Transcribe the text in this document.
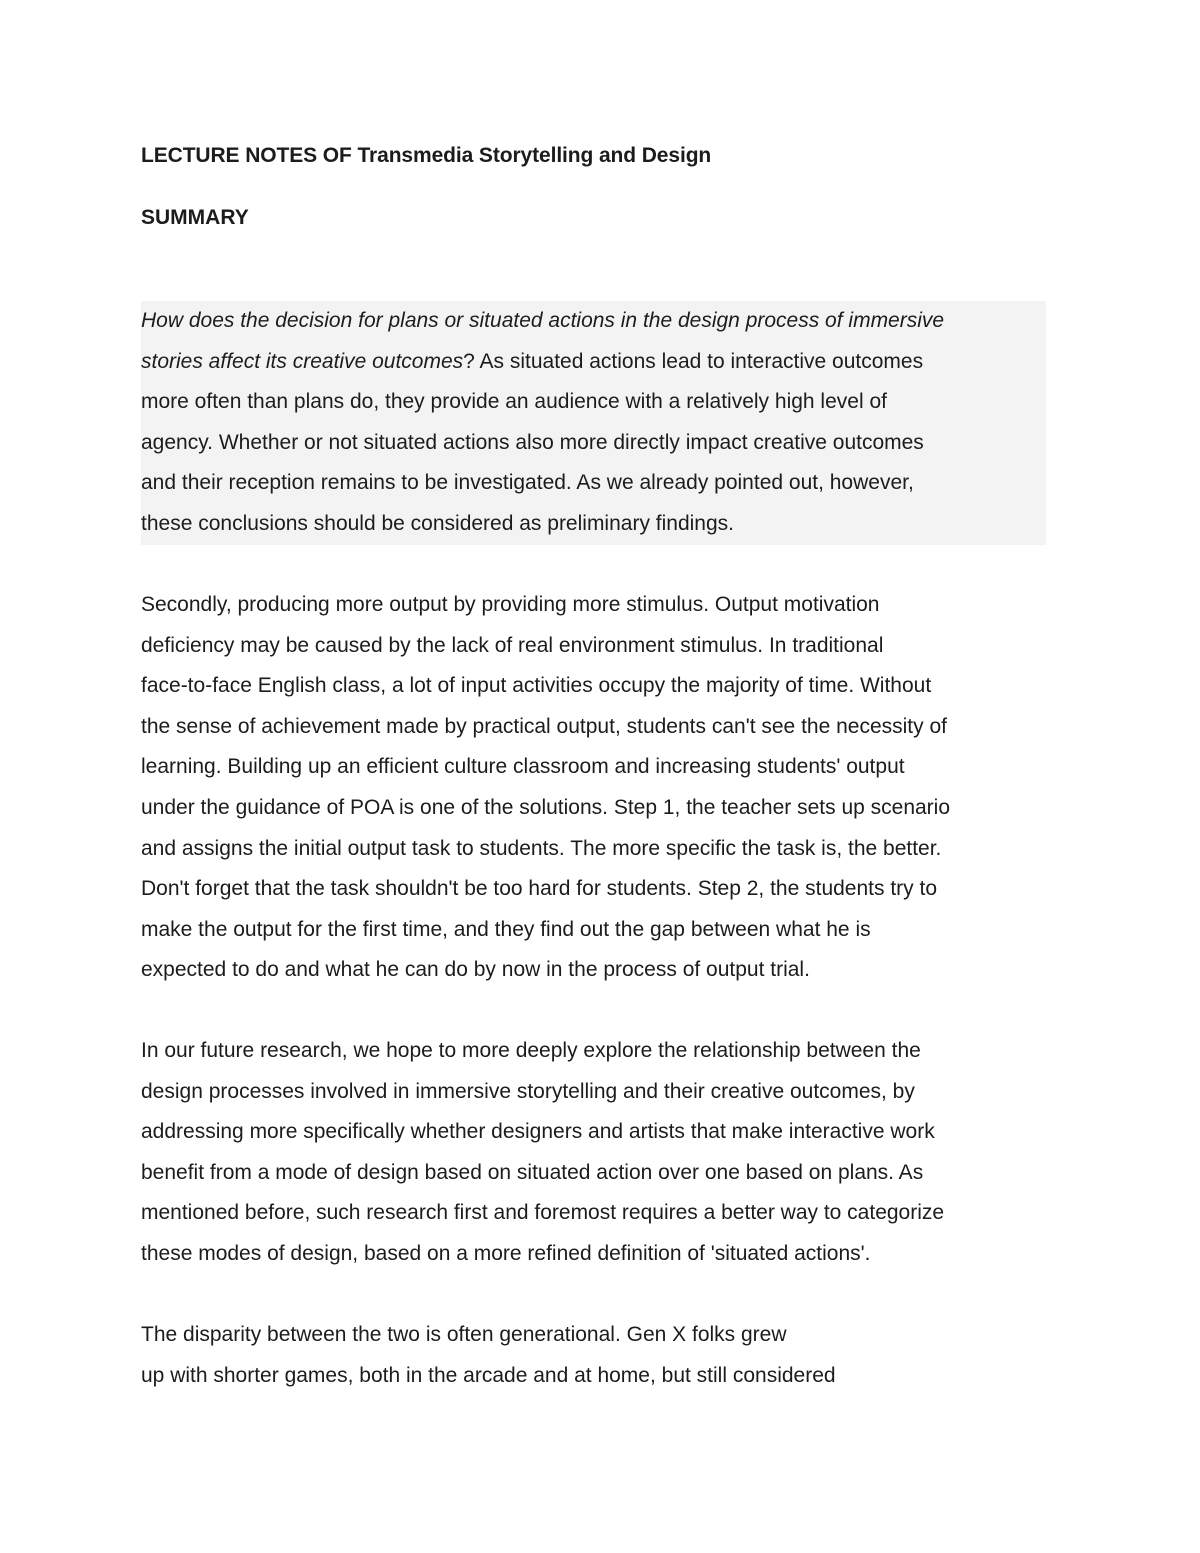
LECTURE NOTES OF Transmedia Storytelling and Design
SUMMARY
How does the decision for plans or situated actions in the design process of immersive
stories affect its creative outcomes? As situated actions lead to interactive outcomes
more often than plans do, they provide an audience with a relatively high level of
agency. Whether or not situated actions also more directly impact creative outcomes
and their reception remains to be investigated. As we already pointed out, however,
these conclusions should be considered as preliminary findings.
Secondly, producing more output by providing more stimulus. Output motivation
deficiency may be caused by the lack of real environment stimulus. In traditional
face-to-face English class, a lot of input activities occupy the majority of time. Without
the sense of achievement made by practical output, students can't see the necessity of
learning. Building up an efficient culture classroom and increasing students' output
under the guidance of POA is one of the solutions. Step 1, the teacher sets up scenario
and assigns the initial output task to students. The more specific the task is, the better.
Don't forget that the task shouldn't be too hard for students. Step 2, the students try to
make the output for the first time, and they find out the gap between what he is
expected to do and what he can do by now in the process of output trial.
In our future research, we hope to more deeply explore the relationship between the
design processes involved in immersive storytelling and their creative outcomes, by
addressing more specifically whether designers and artists that make interactive work
benefit from a mode of design based on situated action over one based on plans. As
mentioned before, such research first and foremost requires a better way to categorize
these modes of design, based on a more refined definition of 'situated actions'.
The disparity between the two is often generational. Gen X folks grew
up with shorter games, both in the arcade and at home, but still considered
